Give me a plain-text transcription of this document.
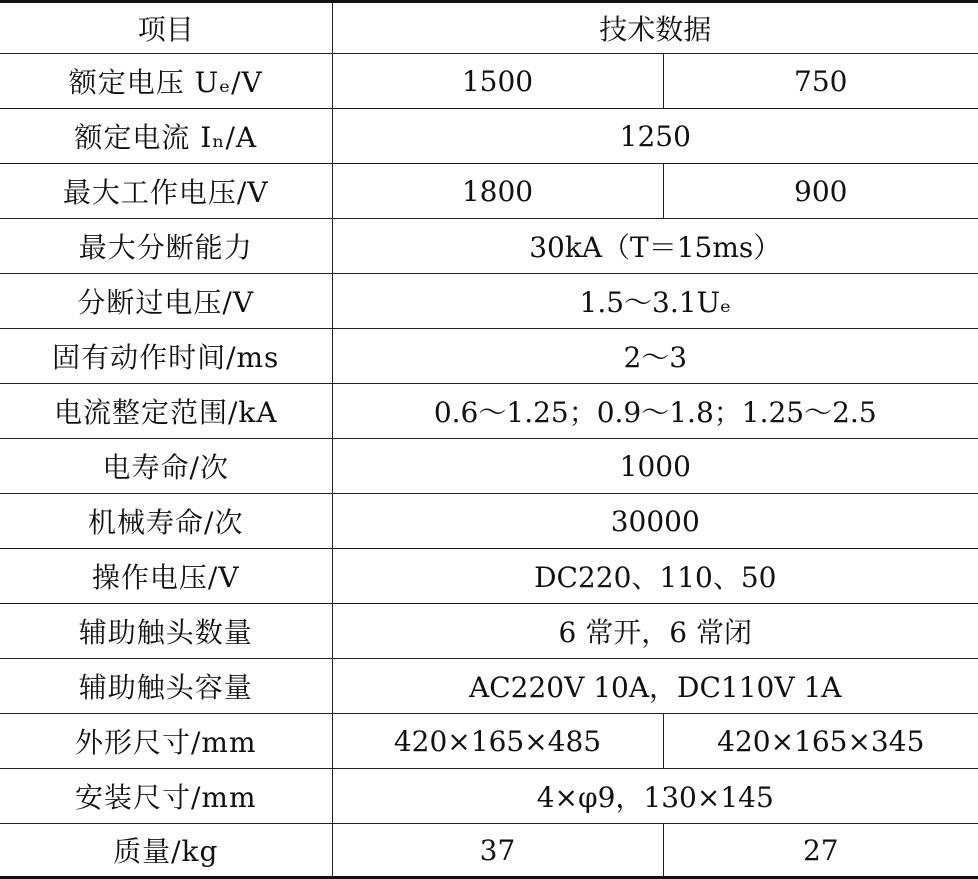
项目	技术数据	
额定电压 Uₑ/V	1500	750
额定电流 Iₙ/A	1250	
最大工作电压/V	1800	900
最大分断能力	30kA（T＝15ms）	
分断过电压/V	1.5～3.1Uₑ	
固有动作时间/ms	2～3	
电流整定范围/kA	0.6～1.25；0.9～1.8；1.25～2.5	
电寿命/次	1000	
机械寿命/次	30000	
操作电压/V	DC220、110、50	
辅助触头数量	6 常开，6 常闭	
辅助触头容量	AC220V 10A，DC110V 1A	
外形尺寸/mm	420×165×485	420×165×345
安装尺寸/mm	4×φ9，130×145	
质量/kg	37	27
